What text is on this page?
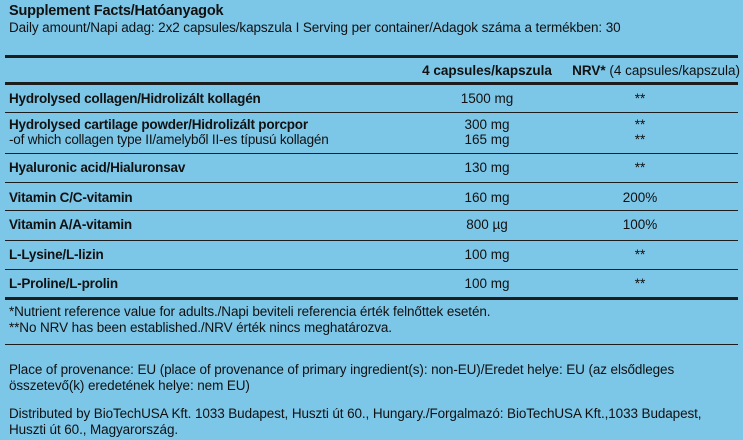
Supplement Facts/Hatóanyagok
Daily amount/Napi adag: 2x2 capsules/kapszula I Serving per container/Adagok száma a termékben: 30
4 capsules/kapszula	NRV* (4 capsules/kapszula)
Hydrolysed collagen/Hidrolizált kollagén	1500 mg	**
Hydrolysed cartilage powder/Hidrolizált porcpor	300 mg	**
-of which collagen type II/amelyből II-es típusú kollagén	165 mg	**
Hyaluronic acid/Hialuronsav	130 mg	**
Vitamin C/C-vitamin	160 mg	200%
Vitamin A/A-vitamin	800 µg	100%
L-Lysine/L-lizin	100 mg	**
L-Proline/L-prolin	100 mg	**
*Nutrient reference value for adults./Napi beviteli referencia érték felnőttek esetén.
**No NRV has been established./NRV érték nincs meghatározva.
Place of provenance: EU (place of provenance of primary ingredient(s): non-EU)/Eredet helye: EU (az elsődleges összetevő(k) eredetének helye: nem EU)
Distributed by BioTechUSA Kft. 1033 Budapest, Huszti út 60., Hungary./Forgalmazó: BioTechUSA Kft.,1033 Budapest, Huszti út 60., Magyarország.
